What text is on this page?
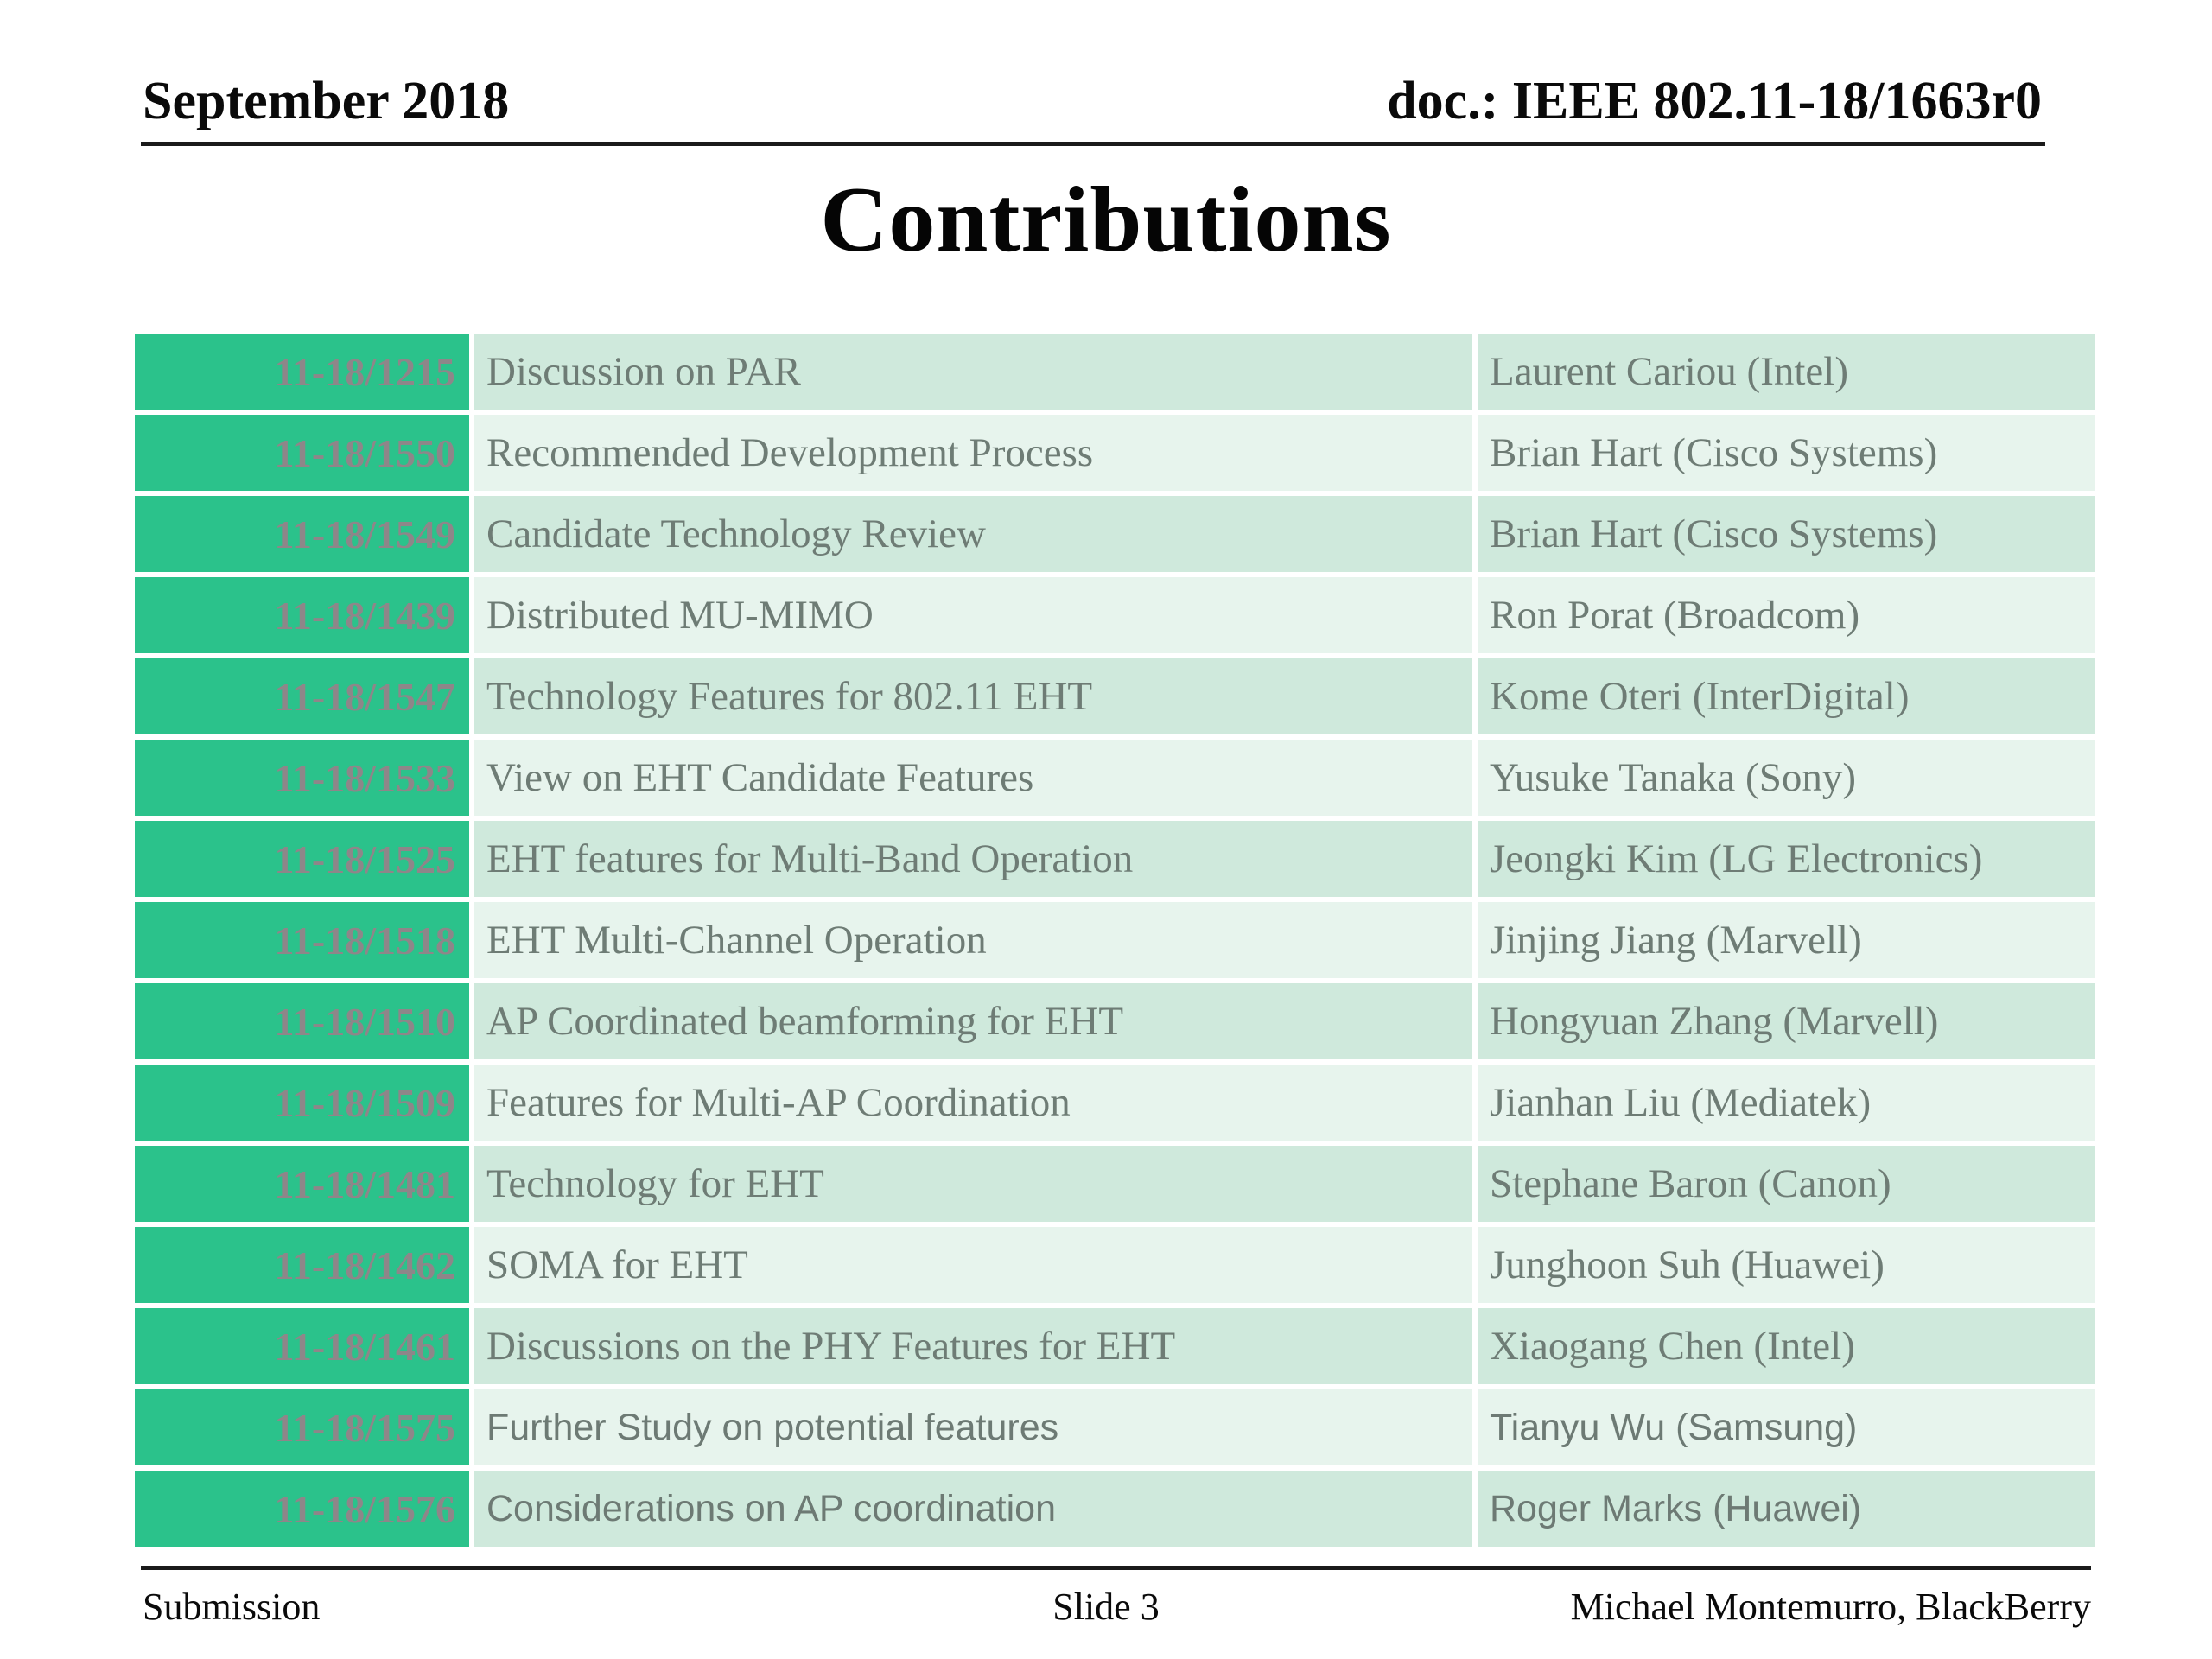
September 2018	doc.: IEEE 802.11-18/1663r0
Contributions
11-18/1215	Discussion on PAR	Laurent Cariou (Intel)
11-18/1550	Recommended Development Process	Brian Hart (Cisco Systems)
11-18/1549	Candidate Technology Review	Brian Hart (Cisco Systems)
11-18/1439	Distributed MU-MIMO	Ron Porat (Broadcom)
11-18/1547	Technology Features for 802.11 EHT	Kome Oteri (InterDigital)
11-18/1533	View on EHT Candidate Features	Yusuke Tanaka (Sony)
11-18/1525	EHT features for Multi-Band Operation	Jeongki Kim (LG Electronics)
11-18/1518	EHT Multi-Channel Operation	Jinjing Jiang (Marvell)
11-18/1510	AP Coordinated beamforming for EHT	Hongyuan Zhang (Marvell)
11-18/1509	Features for Multi-AP Coordination	Jianhan Liu (Mediatek)
11-18/1481	Technology for EHT	Stephane Baron (Canon)
11-18/1462	SOMA for EHT	Junghoon Suh (Huawei)
11-18/1461	Discussions on the PHY Features for EHT	Xiaogang Chen (Intel)
11-18/1575	Further Study on potential features	Tianyu Wu (Samsung)
11-18/1576	Considerations on AP coordination	Roger Marks (Huawei)
Submission	Slide 3	Michael Montemurro, BlackBerry
